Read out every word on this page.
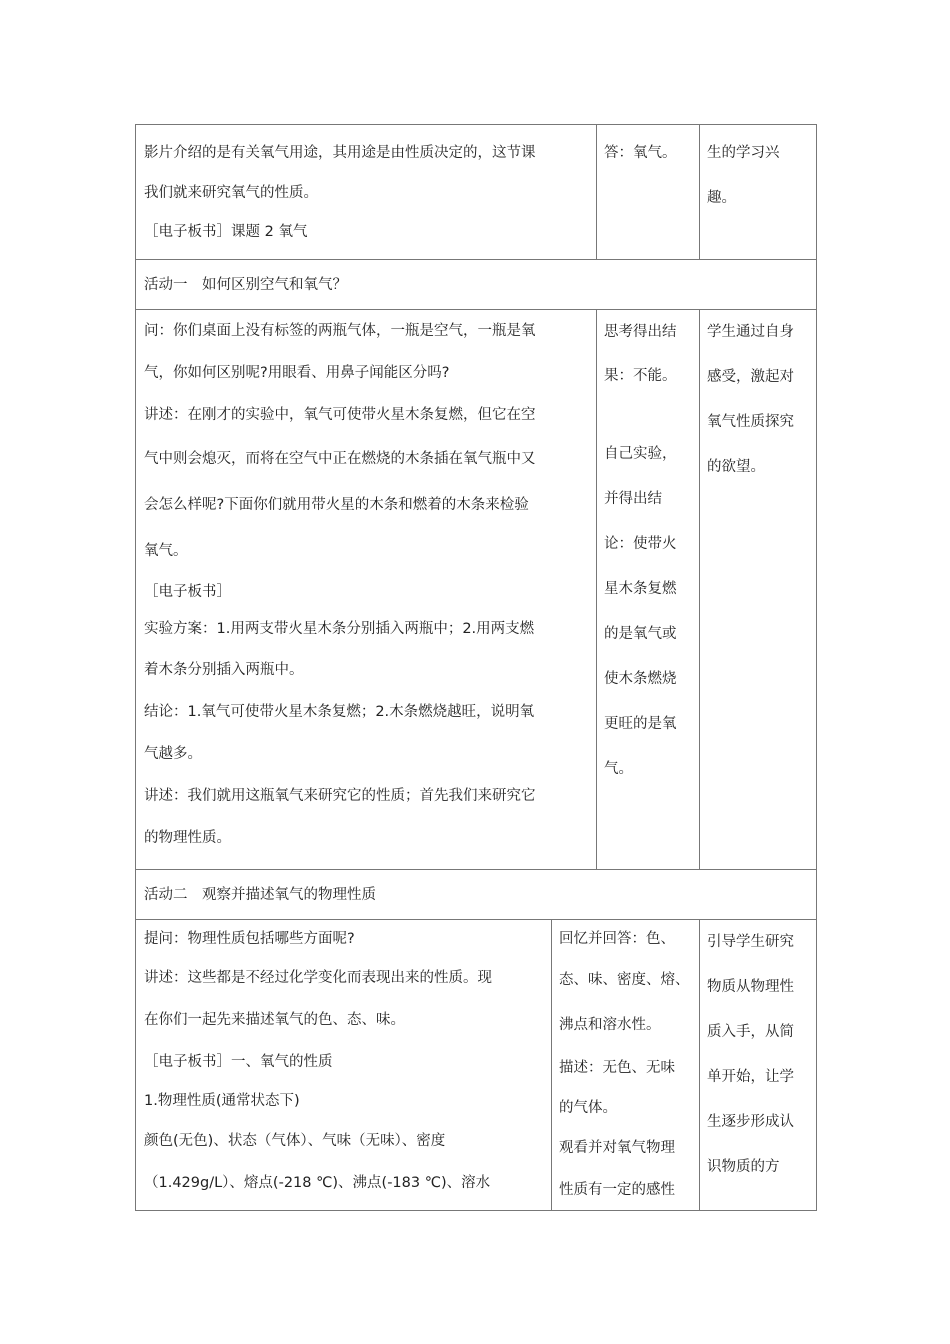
影片介绍的是有关氧气用途，其用途是由性质决定的，这节课

我们就来研究氧气的性质。

［电子板书］课题 2 氧气

答：氧气。	生的学习兴

趣。

活动一　如何区别空气和氧气？

问：你们桌面上没有标签的两瓶气体，一瓶是空气，一瓶是氧

气，你如何区别呢?用眼看、用鼻子闻能区分吗?

讲述：在刚才的实验中，氧气可使带火星木条复燃，但它在空

气中则会熄灭，而将在空气中正在燃烧的木条插在氧气瓶中又

会怎么样呢?下面你们就用带火星的木条和燃着的木条来检验

氧气。

［电子板书］

实验方案：1.用两支带火星木条分别插入两瓶中；2.用两支燃

着木条分别插入两瓶中。

结论：1.氧气可使带火星木条复燃；2.木条燃烧越旺，说明氧

气越多。

讲述：我们就用这瓶氧气来研究它的性质；首先我们来研究它

的物理性质。

思考得出结

果：不能。

自己实验，

并得出结

论：使带火

星木条复燃

的是氧气或

使木条燃烧

更旺的是氧

气。

学生通过自身

感受，激起对

氧气性质探究

的欲望。

活动二　观察并描述氧气的物理性质

提问：物理性质包括哪些方面呢?

讲述：这些都是不经过化学变化而表现出来的性质。现

在你们一起先来描述氧气的色、态、味。

［电子板书］一、氧气的性质

1.物理性质(通常状态下)

颜色(无色)、状态（气体）、气味（无味）、密度

（1.429g/L）、熔点(-218 ℃)、沸点(-183 ℃)、溶水

回忆并回答：色、

态、味、密度、熔、

沸点和溶水性。

描述：无色、无味

的气体。

观看并对氧气物理

性质有一定的感性

引导学生研究

物质从物理性

质入手，从简

单开始，让学

生逐步形成认

识物质的方
